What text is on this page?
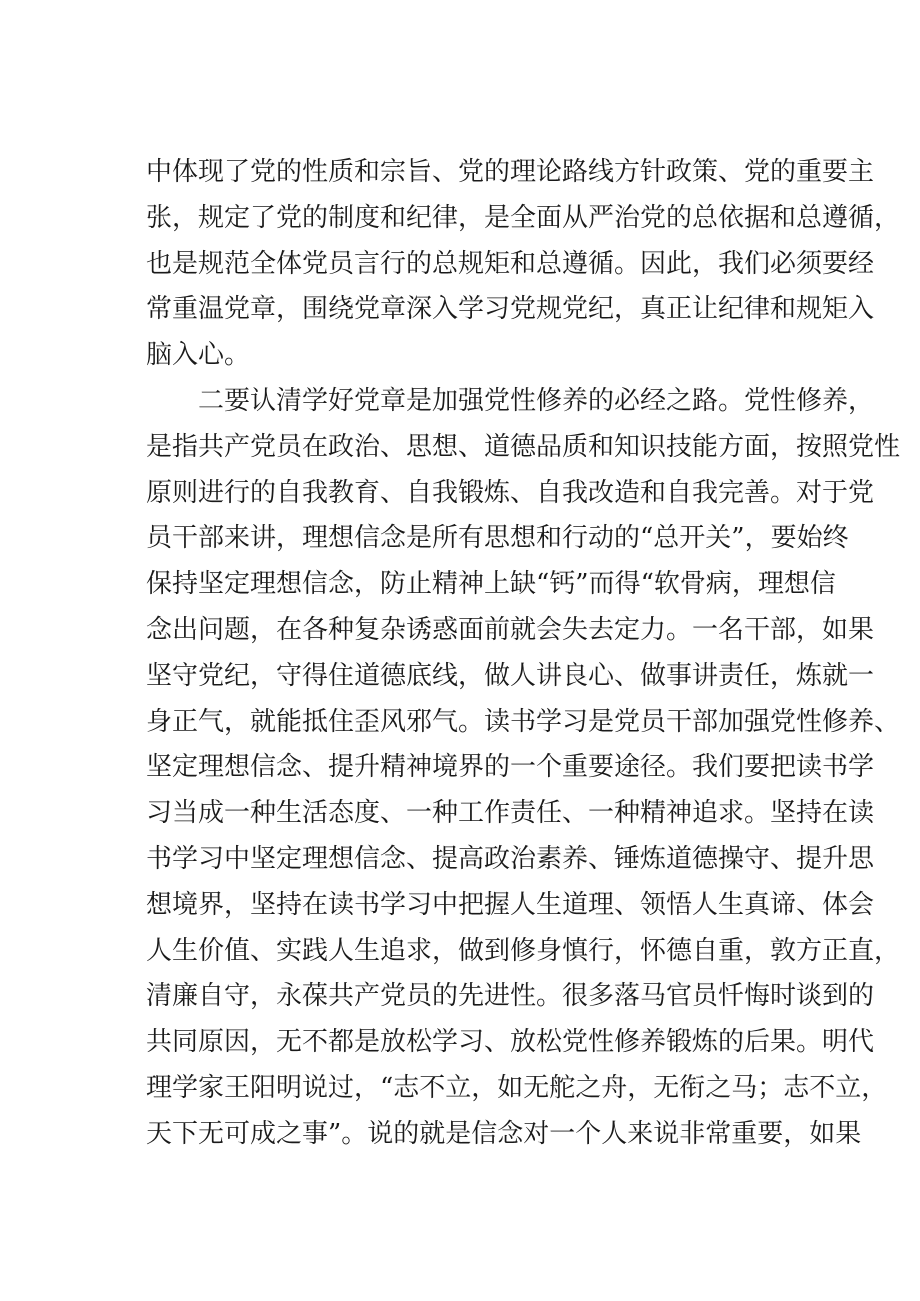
中体现了党的性质和宗旨、党的理论路线方针政策、党的重要主
张，规定了党的制度和纪律，是全面从严治党的总依据和总遵循，
也是规范全体党员言行的总规矩和总遵循。因此，我们必须要经
常重温党章，围绕党章深入学习党规党纪，真正让纪律和规矩入
脑入心。
二要认清学好党章是加强党性修养的必经之路。党性修养，
是指共产党员在政治、思想、道德品质和知识技能方面，按照党性
原则进行的自我教育、自我锻炼、自我改造和自我完善。对于党
员干部来讲，理想信念是所有思想和行动的“总开关”，要始终
保持坚定理想信念，防止精神上缺“钙”而得“软骨病，理想信
念出问题，在各种复杂诱惑面前就会失去定力。一名干部，如果
坚守党纪，守得住道德底线，做人讲良心、做事讲责任，炼就一
身正气，就能抵住歪风邪气。读书学习是党员干部加强党性修养、
坚定理想信念、提升精神境界的一个重要途径。我们要把读书学
习当成一种生活态度、一种工作责任、一种精神追求。坚持在读
书学习中坚定理想信念、提高政治素养、锤炼道德操守、提升思
想境界，坚持在读书学习中把握人生道理、领悟人生真谛、体会
人生价值、实践人生追求，做到修身慎行，怀德自重，敦方正直，
清廉自守，永葆共产党员的先进性。很多落马官员忏悔时谈到的
共同原因，无不都是放松学习、放松党性修养锻炼的后果。明代
理学家王阳明说过，“志不立，如无舵之舟，无衔之马；志不立，
天下无可成之事”。说的就是信念对一个人来说非常重要，如果
